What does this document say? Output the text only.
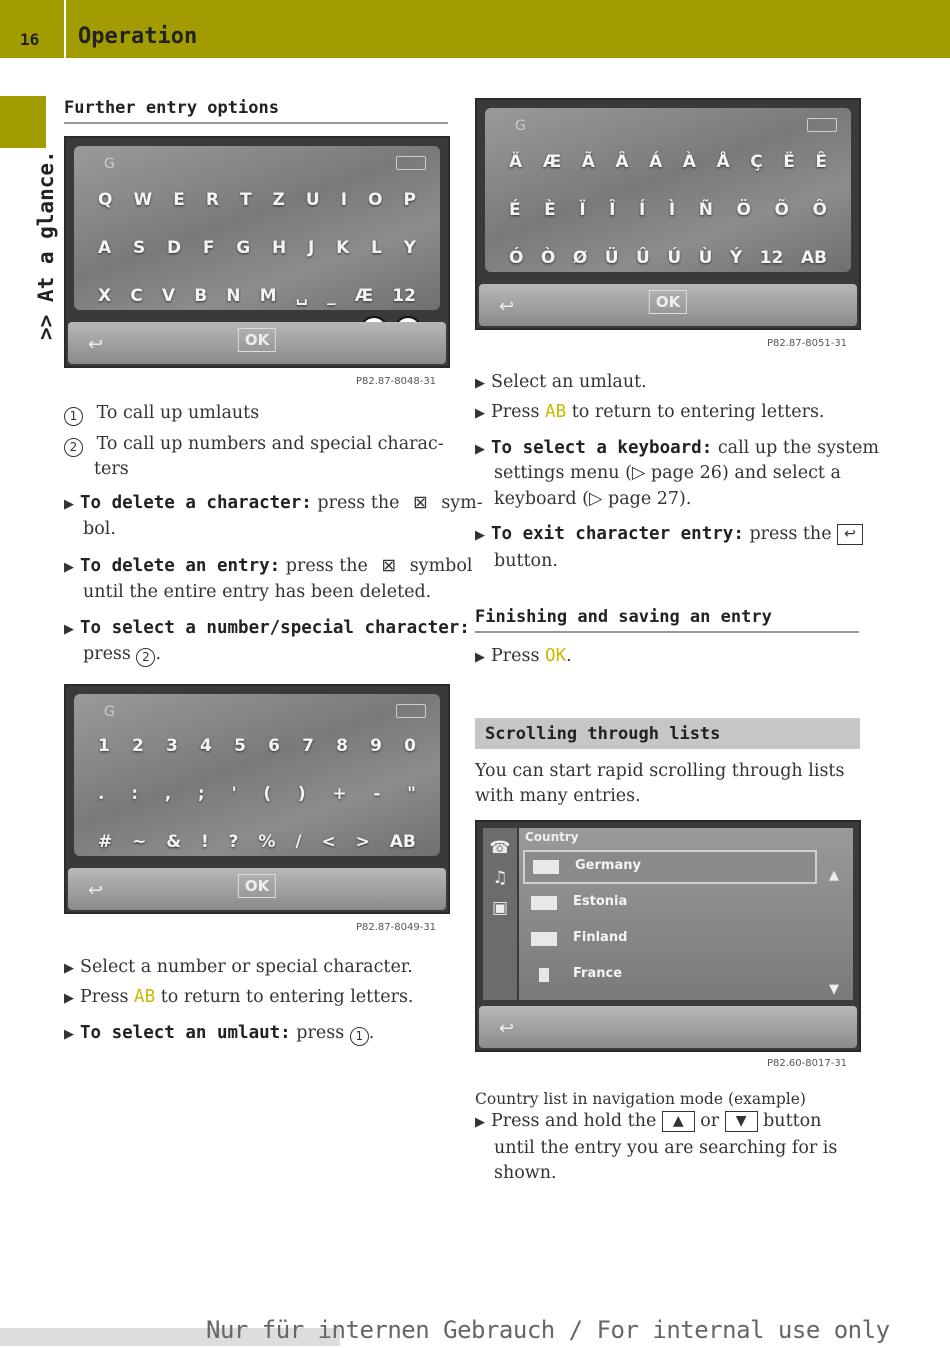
16 Operation
>> At a glance.
Further entry options
G
Q W E R T Z U I O P
A S D F G H J K L Y
X C V B N M ␣ _ Æ 12
↩	OK
P82.87-8048-31
1 To call up umlauts
2 To call up numbers and special charac-
ters
▶ To delete a character: press the ⊠ sym-
bol.
▶ To delete an entry: press the ⊠ symbol
until the entire entry has been deleted.
▶ To select a number/special character:
press 2 .
G
1 2 3 4 5 6 7 8 9 0
. : , ; ' ( ) + - "
# ~ & ! ? % / < > AB
↩	OK
P82.87-8049-31
▶ Select a number or special character.
▶ Press AB to return to entering letters.
▶ To select an umlaut: press 1 .
G
Ä Æ Ã Â Á À Å Ç Ë Ê
É È Ï Î Í Ì Ñ Ö Õ Ô
Ó Ò Ø Ü Û Ú Ù Ý 12 AB
↩	OK
P82.87-8051-31
▶ Select an umlaut.
▶ Press AB to return to entering letters.
▶ To select a keyboard: call up the system
settings menu (▷ page 26) and select a
keyboard (▷ page 27).
▶ To exit character entry: press the ↩
button.
Finishing and saving an entry
▶ Press OK.
Scrolling through lists
You can start rapid scrolling through lists
with many entries.
☎
♫
▣
Country
Germany
Estonia
Finland
France
▲
▼
↩
P82.60-8017-31
Country list in navigation mode (example)
▶ Press and hold the ▲ or ▼ button
until the entry you are searching for is
shown.
Nur für internen Gebrauch / For internal use only
